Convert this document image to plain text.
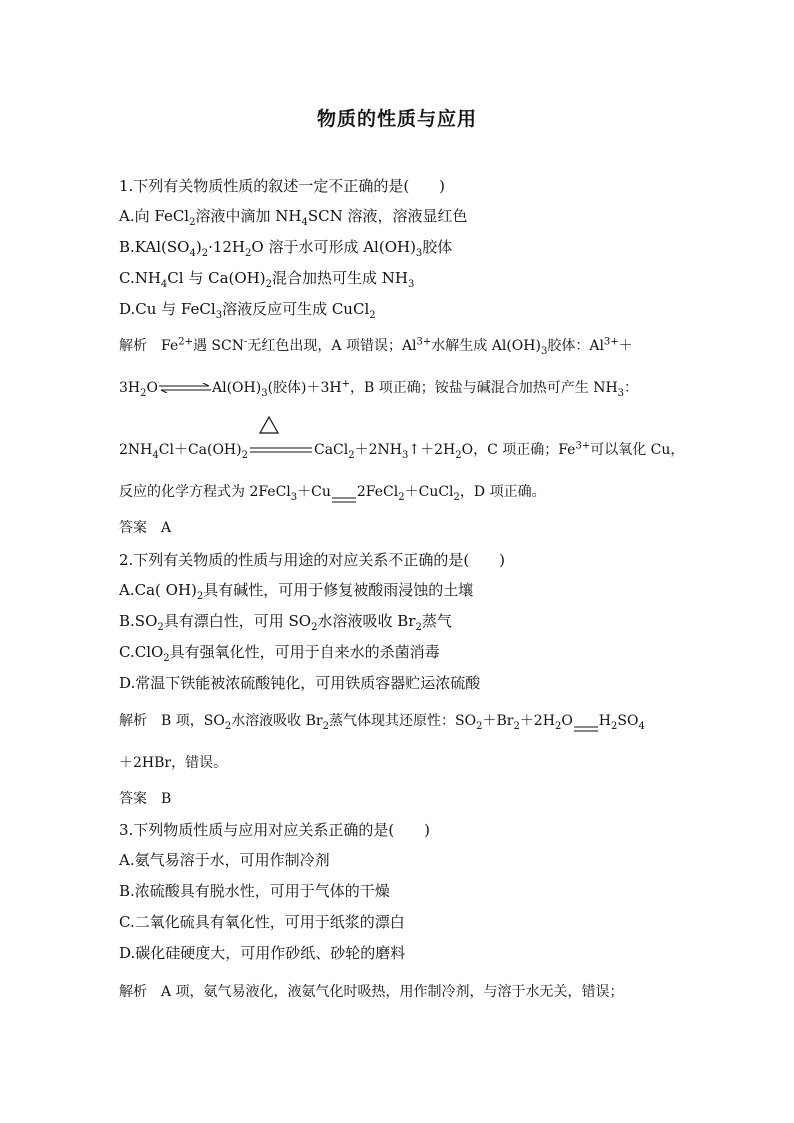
物质的性质与应用
1.下列有关物质性质的叙述一定不正确的是(　　)
A.向 FeCl$_2$溶液中滴加 $NH_4SCN$ 溶液，溶液显红色
$B.KAl(SO_4)_2\cdot 12H_2O$ 溶于水可形成 $Al(OH)_3$胶体
$C.NH_4Cl$ 与 $Ca(OH)_2$混合加热可生成 $NH_3$
D.Cu 与 FeCl$_3$溶液反应可生成 CuCl$_2$
解析 $Fe^{2+}$遇 SCN-无红色出现，A 项错误；$Al^{3+}$水解生成 $Al(OH)_3$胶体：$Al^{3+}+$
$3H_2O\rightleftharpoons Al(OH)_3$(胶体)＋3H+，B 项正确；铵盐与碱混合加热可产生 $NH_3$：
$2NH_4Cl+Ca(OH)_2$	$CaCl_2+2NH_3↑+2H_2O$，C 项正确；$Fe^{3+}$可以氧化 Cu，
反应的化学方程式为 2FeCl$_3$＋Cu 2FeCl$_2$＋CuCl$_2$，D 项正确。
答案 A
2.下列有关物质的性质与用途的对应关系不正确的是(　　)
A.Ca( $OH)_2$具有碱性，可用于修复被酸雨浸蚀的土壤
$B.SO_2$具有漂白性，可用 $SO_2$水溶液吸收 $Br_2$蒸气
C.ClO$_2$具有强氧化性，可用于自来水的杀菌消毒
D.常温下铁能被浓硫酸钝化，可用铁质容器贮运浓硫酸
解析 B 项，$SO_2$水溶液吸收 $Br_2$蒸气体现其还原性：$SO_2+Br_2+2H_2O$ $H_2SO_4$
＋2HBr，错误。
答案 B
3.下列物质性质与应用对应关系正确的是(　　)
A.氨气易溶于水，可用作制冷剂
B.浓硫酸具有脱水性，可用于气体的干燥
C.二氧化硫具有氧化性，可用于纸浆的漂白
D.碳化硅硬度大，可用作砂纸、砂轮的磨料
解析 A 项，氨气易液化，液氨气化时吸热，用作制冷剂，与溶于水无关，错误；
